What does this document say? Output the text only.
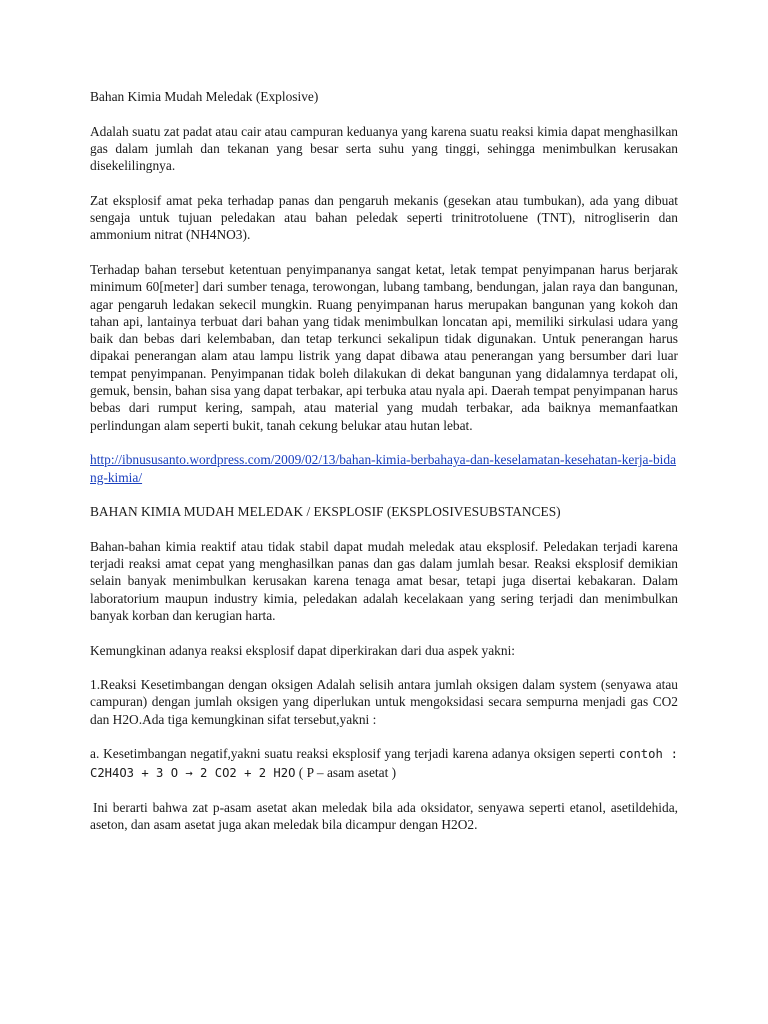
Bahan Kimia Mudah Meledak (Explosive)

Adalah suatu zat padat atau cair atau campuran keduanya yang karena suatu reaksi kimia dapat menghasilkan gas dalam jumlah dan tekanan yang besar serta suhu yang tinggi, sehingga menimbulkan kerusakan disekelilingnya.

Zat eksplosif amat peka terhadap panas dan pengaruh mekanis (gesekan atau tumbukan), ada yang dibuat sengaja untuk tujuan peledakan atau bahan peledak seperti trinitrotoluene (TNT), nitrogliserin dan ammonium nitrat (NH4NO3).

Terhadap bahan tersebut ketentuan penyimpananya sangat ketat, letak tempat penyimpanan harus berjarak minimum 60[meter] dari sumber tenaga, terowongan, lubang tambang, bendungan, jalan raya dan bangunan, agar pengaruh ledakan sekecil mungkin. Ruang penyimpanan harus merupakan bangunan yang kokoh dan tahan api, lantainya terbuat dari bahan yang tidak menimbulkan loncatan api, memiliki sirkulasi udara yang baik dan bebas dari kelembaban, dan tetap terkunci sekalipun tidak digunakan. Untuk penerangan harus dipakai penerangan alam atau lampu listrik yang dapat dibawa atau penerangan yang bersumber dari luar tempat penyimpanan. Penyimpanan tidak boleh dilakukan di dekat bangunan yang didalamnya terdapat oli, gemuk, bensin, bahan sisa yang dapat terbakar, api terbuka atau nyala api. Daerah tempat penyimpanan harus bebas dari rumput kering, sampah, atau material yang mudah terbakar, ada baiknya memanfaatkan perlindungan alam seperti bukit, tanah cekung belukar atau hutan lebat.

http://ibnususanto.wordpress.com/2009/02/13/bahan-kimia-berbahaya-dan-keselamatan-kesehatan-kerja-bidang-kimia/

BAHAN KIMIA MUDAH MELEDAK / EKSPLOSIF (EKSPLOSIVESUBSTANCES)

Bahan-bahan kimia reaktif atau tidak stabil dapat mudah meledak atau eksplosif. Peledakan terjadi karena terjadi reaksi amat cepat yang menghasilkan panas dan gas dalam jumlah besar. Reaksi eksplosif demikian selain banyak menimbulkan kerusakan karena tenaga amat besar, tetapi juga disertai kebakaran. Dalam laboratorium maupun industry kimia, peledakan adalah kecelakaan yang sering terjadi dan menimbulkan banyak korban dan kerugian harta.

Kemungkinan adanya reaksi eksplosif dapat diperkirakan dari dua aspek yakni:

1.Reaksi Kesetimbangan dengan oksigen Adalah selisih antara jumlah oksigen dalam system (senyawa atau campuran) dengan jumlah oksigen yang diperlukan untuk mengoksidasi secara sempurna menjadi gas CO2 dan H2O.Ada tiga kemungkinan sifat tersebut,yakni :

a. Kesetimbangan negatif,yakni suatu reaksi eksplosif yang terjadi karena adanya oksigen seperti contoh : C2H4O3 + 3 O → 2 CO2 + 2 H2O ( P – asam asetat )

Ini berarti bahwa zat p-asam asetat akan meledak bila ada oksidator, senyawa seperti etanol, asetildehida, aseton, dan asam asetat juga akan meledak bila dicampur dengan H2O2.
